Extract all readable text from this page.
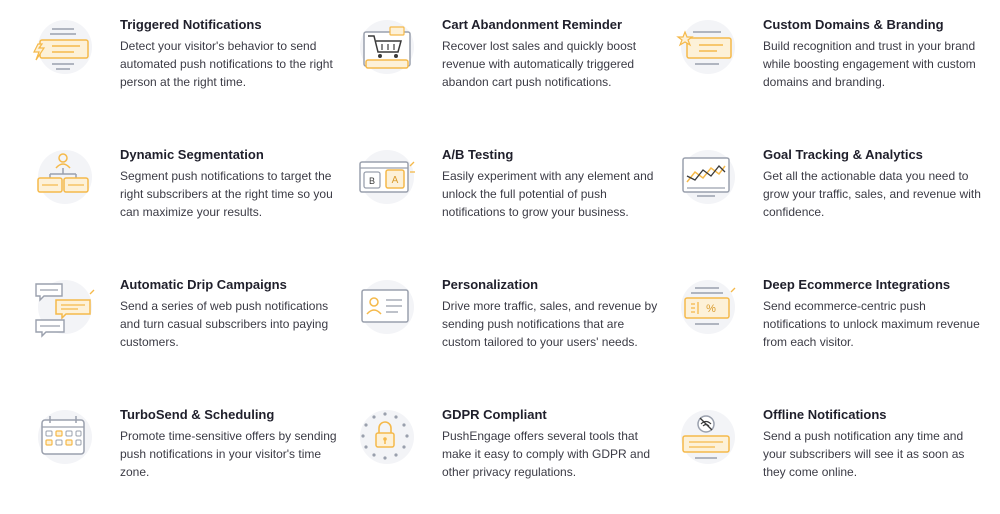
Triggered Notifications
Detect your visitor's behavior to send automated push notifications to the right person at the right time.
Cart Abandonment Reminder
Recover lost sales and quickly boost revenue with automatically triggered abandon cart push notifications.
Custom Domains & Branding
Build recognition and trust in your brand while boosting engagement with custom domains and branding.
Dynamic Segmentation
Segment push notifications to target the right subscribers at the right time so you can maximize your results.
B A
A/B Testing
Easily experiment with any element and unlock the full potential of push notifications to grow your business.
Goal Tracking & Analytics
Get all the actionable data you need to grow your traffic, sales, and revenue with confidence.
Automatic Drip Campaigns
Send a series of web push notifications and turn casual subscribers into paying customers.
Personalization
Drive more traffic, sales, and revenue by sending push notifications that are custom tailored to your users' needs.
%
Deep Ecommerce Integrations
Send ecommerce-centric push notifications to unlock maximum revenue from each visitor.
TurboSend & Scheduling
Promote time-sensitive offers by sending push notifications in your visitor's time zone.
GDPR Compliant
PushEngage offers several tools that make it easy to comply with GDPR and other privacy regulations.
Offline Notifications
Send a push notification any time and your subscribers will see it as soon as they come online.
